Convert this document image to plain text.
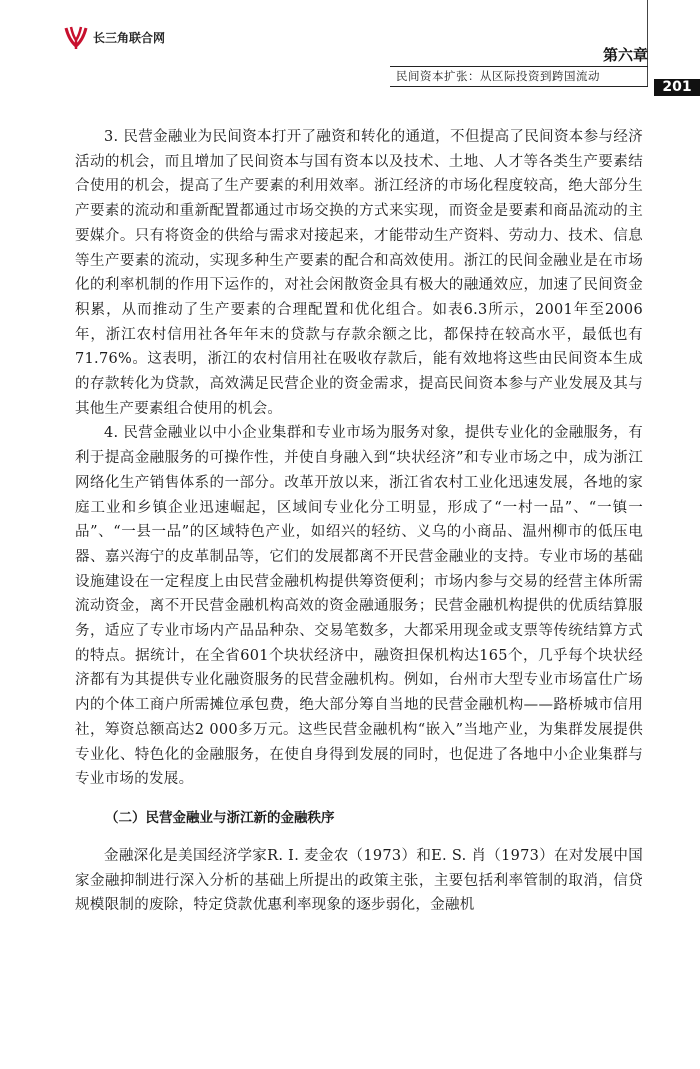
长三角联合网
第六章
民间资本扩张：从区际投资到跨国流动
201

3. 民营金融业为民间资本打开了融资和转化的通道，不但提高了民间资本参与经济活动的机会，而且增加了民间资本与国有资本以及技术、土地、人才等各类生产要素结合使用的机会，提高了生产要素的利用效率。浙江经济的市场化程度较高，绝大部分生产要素的流动和重新配置都通过市场交换的方式来实现，而资金是要素和商品流动的主要媒介。只有将资金的供给与需求对接起来，才能带动生产资料、劳动力、技术、信息等生产要素的流动，实现多种生产要素的配合和高效使用。浙江的民间金融业是在市场化的利率机制的作用下运作的，对社会闲散资金具有极大的融通效应，加速了民间资金积累，从而推动了生产要素的合理配置和优化组合。如表6.3所示，2001年至2006年，浙江农村信用社各年年末的贷款与存款余额之比，都保持在较高水平，最低也有71.76%。这表明，浙江的农村信用社在吸收存款后，能有效地将这些由民间资本生成的存款转化为贷款，高效满足民营企业的资金需求，提高民间资本参与产业发展及其与其他生产要素组合使用的机会。

4. 民营金融业以中小企业集群和专业市场为服务对象，提供专业化的金融服务，有利于提高金融服务的可操作性，并使自身融入到“块状经济”和专业市场之中，成为浙江网络化生产销售体系的一部分。改革开放以来，浙江省农村工业化迅速发展，各地的家庭工业和乡镇企业迅速崛起，区域间专业化分工明显，形成了“一村一品”、“一镇一品”、“一县一品”的区域特色产业，如绍兴的轻纺、义乌的小商品、温州柳市的低压电器、嘉兴海宁的皮革制品等，它们的发展都离不开民营金融业的支持。专业市场的基础设施建设在一定程度上由民营金融机构提供筹资便利；市场内参与交易的经营主体所需流动资金，离不开民营金融机构高效的资金融通服务；民营金融机构提供的优质结算服务，适应了专业市场内产品品种杂、交易笔数多，大都采用现金或支票等传统结算方式的特点。据统计，在全省601个块状经济中，融资担保机构达165个，几乎每个块状经济都有为其提供专业化融资服务的民营金融机构。例如，台州市大型专业市场富仕广场内的个体工商户所需摊位承包费，绝大部分筹自当地的民营金融机构——路桥城市信用社，筹资总额高达2 000多万元。这些民营金融机构“嵌入”当地产业，为集群发展提供专业化、特色化的金融服务，在使自身得到发展的同时，也促进了各地中小企业集群与专业市场的发展。

（二）民营金融业与浙江新的金融秩序

金融深化是美国经济学家R. I. 麦金农（1973）和E. S. 肖（1973）在对发展中国家金融抑制进行深入分析的基础上所提出的政策主张，主要包括利率管制的取消，信贷规模限制的废除，特定贷款优惠利率现象的逐步弱化，金融机
